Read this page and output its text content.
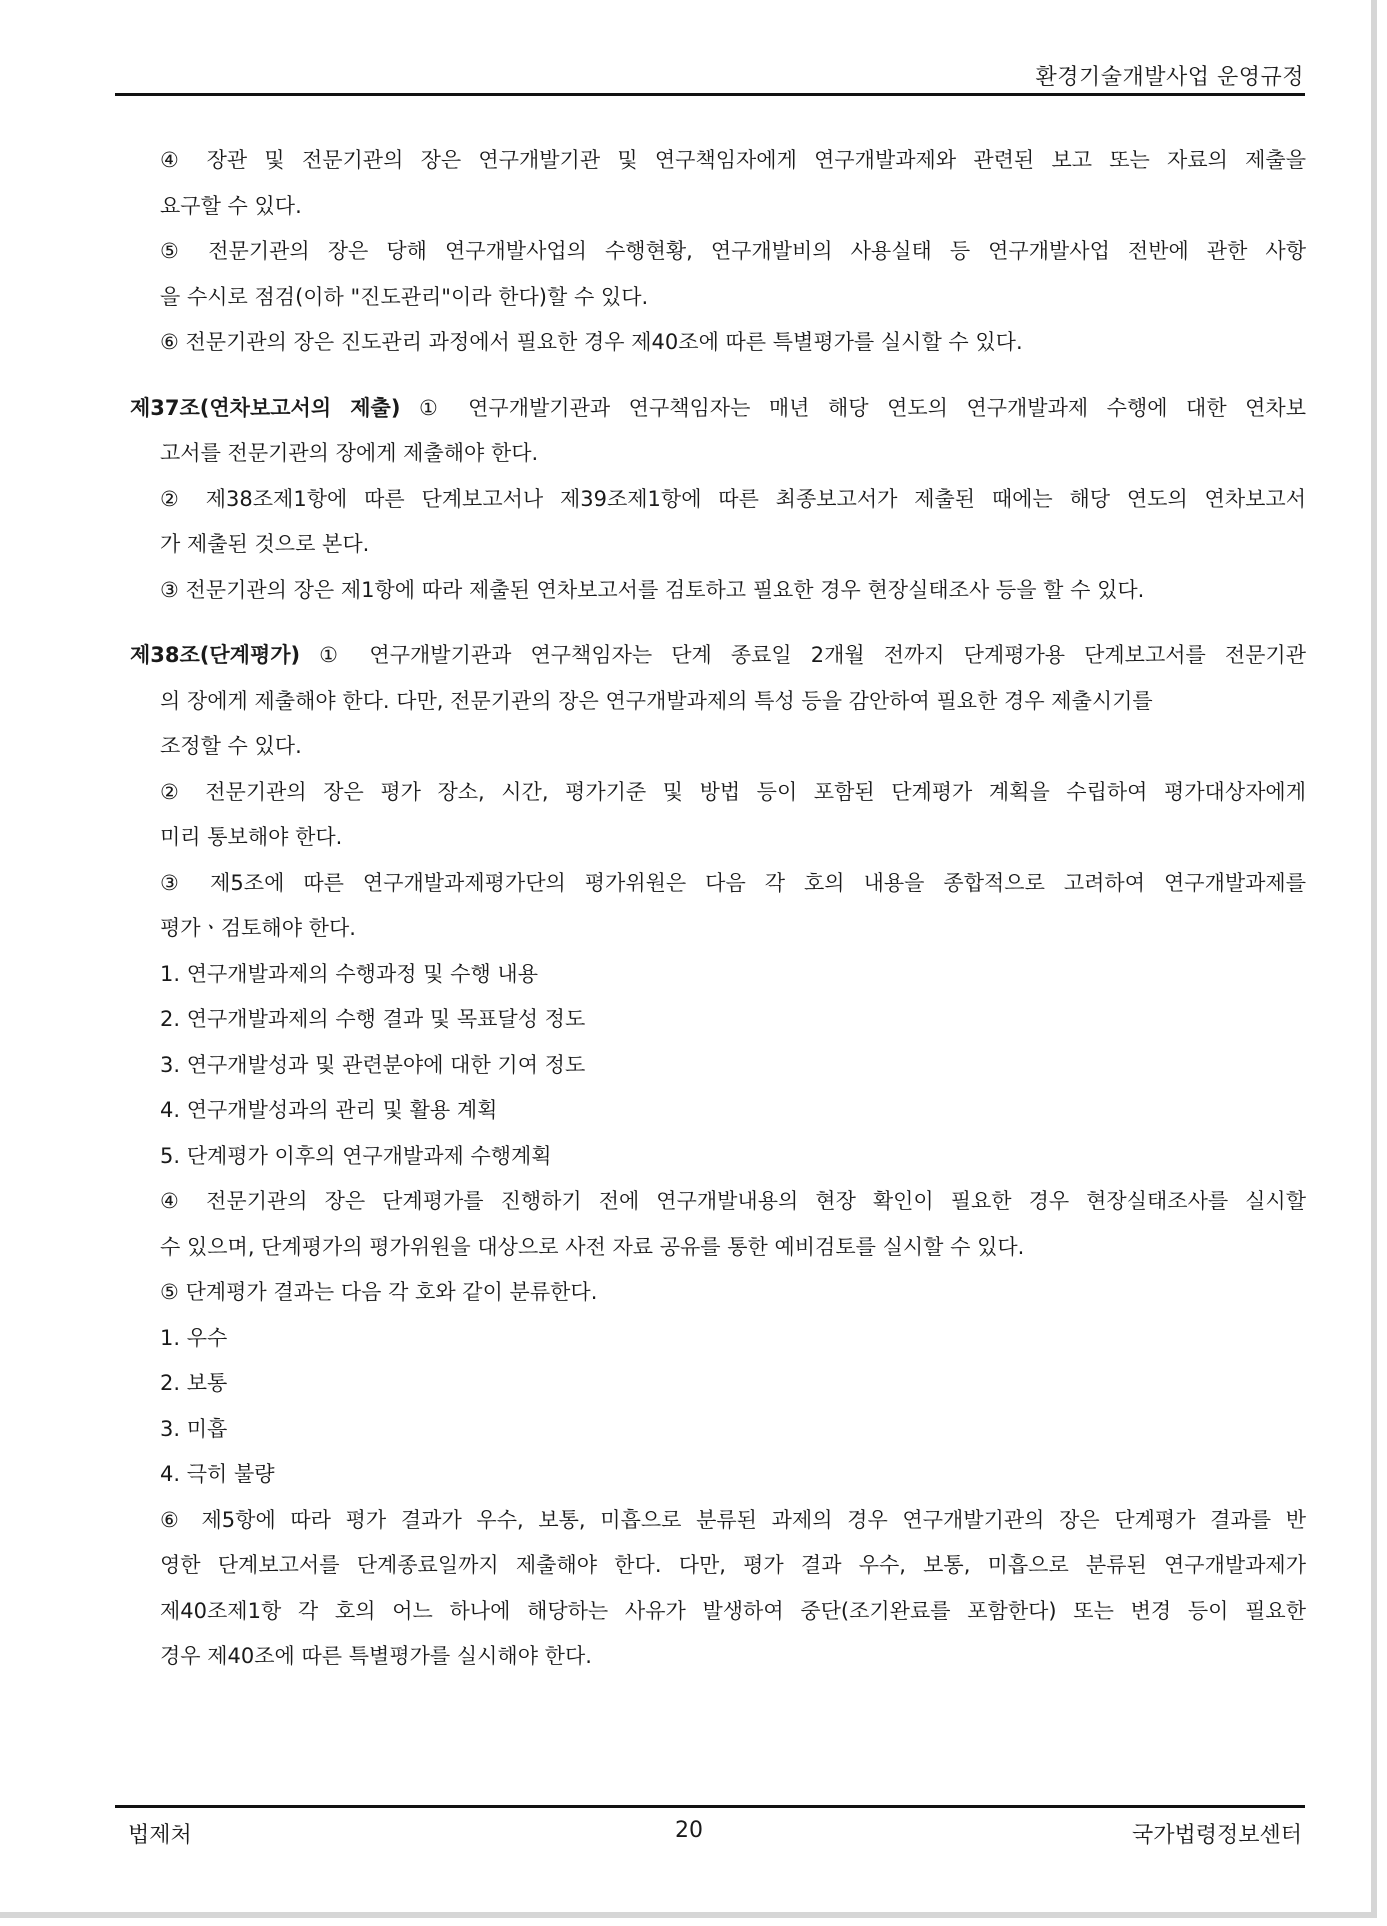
환경기술개발사업 운영규정
④ 장관 및 전문기관의 장은 연구개발기관 및 연구책임자에게 연구개발과제와 관련된 보고 또는 자료의 제출을
요구할 수 있다.
⑤ 전문기관의 장은 당해 연구개발사업의 수행현황, 연구개발비의 사용실태 등 연구개발사업 전반에 관한 사항
을 수시로 점검(이하 "진도관리"이라 한다)할 수 있다.
⑥ 전문기관의 장은 진도관리 과정에서 필요한 경우 제40조에 따른 특별평가를 실시할 수 있다.
제37조(연차보고서의 제출) ① 연구개발기관과 연구책임자는 매년 해당 연도의 연구개발과제 수행에 대한 연차보
고서를 전문기관의 장에게 제출해야 한다.
② 제38조제1항에 따른 단계보고서나 제39조제1항에 따른 최종보고서가 제출된 때에는 해당 연도의 연차보고서
가 제출된 것으로 본다.
③ 전문기관의 장은 제1항에 따라 제출된 연차보고서를 검토하고 필요한 경우 현장실태조사 등을 할 수 있다.
제38조(단계평가) ① 연구개발기관과 연구책임자는 단계 종료일 2개월 전까지 단계평가용 단계보고서를 전문기관
의 장에게 제출해야 한다. 다만, 전문기관의 장은 연구개발과제의 특성 등을 감안하여 필요한 경우 제출시기를
조정할 수 있다.
② 전문기관의 장은 평가 장소, 시간, 평가기준 및 방법 등이 포함된 단계평가 계획을 수립하여 평가대상자에게
미리 통보해야 한다.
③ 제5조에 따른 연구개발과제평가단의 평가위원은 다음 각 호의 내용을 종합적으로 고려하여 연구개발과제를
평가ㆍ검토해야 한다.
1. 연구개발과제의 수행과정 및 수행 내용
2. 연구개발과제의 수행 결과 및 목표달성 정도
3. 연구개발성과 및 관련분야에 대한 기여 정도
4. 연구개발성과의 관리 및 활용 계획
5. 단계평가 이후의 연구개발과제 수행계획
④ 전문기관의 장은 단계평가를 진행하기 전에 연구개발내용의 현장 확인이 필요한 경우 현장실태조사를 실시할
수 있으며, 단계평가의 평가위원을 대상으로 사전 자료 공유를 통한 예비검토를 실시할 수 있다.
⑤ 단계평가 결과는 다음 각 호와 같이 분류한다.
1. 우수
2. 보통
3. 미흡
4. 극히 불량
⑥ 제5항에 따라 평가 결과가 우수, 보통, 미흡으로 분류된 과제의 경우 연구개발기관의 장은 단계평가 결과를 반
영한 단계보고서를 단계종료일까지 제출해야 한다. 다만, 평가 결과 우수, 보통, 미흡으로 분류된 연구개발과제가
제40조제1항 각 호의 어느 하나에 해당하는 사유가 발생하여 중단(조기완료를 포함한다) 또는 변경 등이 필요한
경우 제40조에 따른 특별평가를 실시해야 한다.
법제처	20	국가법령정보센터
